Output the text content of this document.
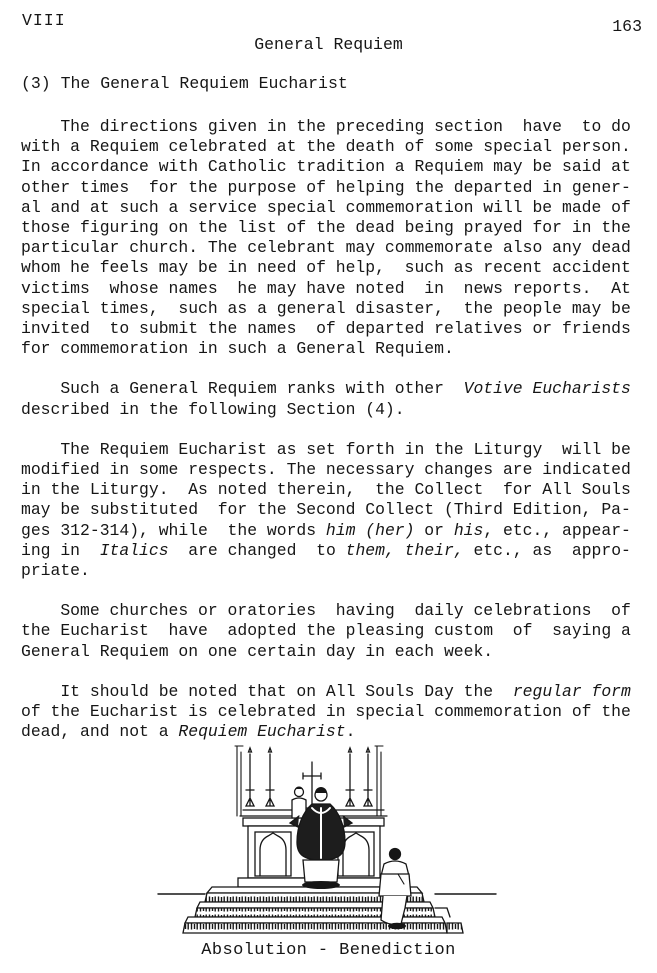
VIII	163
General Requiem
(3) The General Requiem Eucharist
The directions given in the preceding section  have  to do
with a Requiem celebrated at the death of some special person.
In accordance with Catholic tradition a Requiem may be said at
other times  for the purpose of helping the departed in gener-
al and at such a service special commemoration will be made of
those figuring on the list of the dead being prayed for in the
particular church. The celebrant may commemorate also any dead
whom he feels may be in need of help,  such as recent accident
victims  whose names  he may have noted  in  news reports.  At
special times,  such as a general disaster,  the people may be
invited  to submit the names  of departed relatives or friends
for commemoration in such a General Requiem.
Such a General Requiem ranks with other  Votive Eucharists
described in the following Section (4).
The Requiem Eucharist as set forth in the Liturgy  will be
modified in some respects. The necessary changes are indicated
in the Liturgy.  As noted therein,  the Collect  for All Souls
may be substituted  for the Second Collect (Third Edition, Pa-
ges 312-314), while  the words him (her) or his, etc., appear-
ing in  Italics  are changed  to them, their, etc., as  appro-
priate.
Some churches or oratories  having  daily celebrations  of
the Eucharist  have  adopted the pleasing custom  of  saying a
General Requiem on one certain day in each week.
It should be noted that on All Souls Day the  regular form
of the Eucharist is celebrated in special commemoration of the
dead, and not a Requiem Eucharist.
Absolution - Benediction
